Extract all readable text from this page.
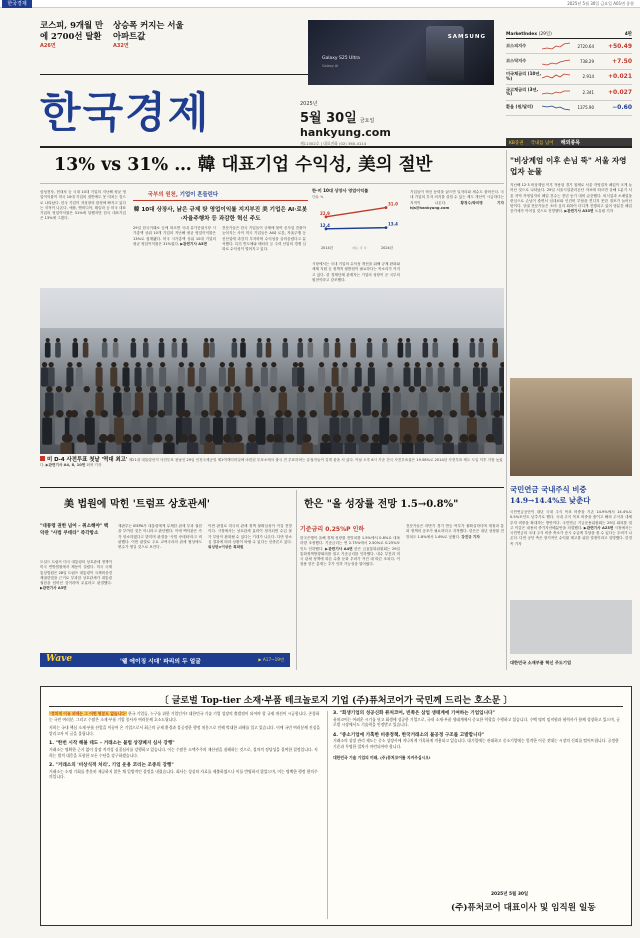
한국경제	2025년 5월 30일 금요일 A01면 종합
코스피, 9개월 만에 2700선 탈환
A26면
상승폭 커지는 서울 아파트값
A32면
한국경제
SAMSUNG
Galaxy S25 Ultra
Galaxy AI
2025년
5월 30일 금요일
hankyung.com
제11302호 | 대표전화 (02) 360-4114
MarketIndex (29일)	4판
코스피지수	2720.64	+50.49
코스닥지수	738.29	+7.50
미국채금리 (10년, %)	2.914	+0.021
국고채금리 (3년, %)	2.341	+0.027
환율 (원/달러)	1375.90	−0.60
KB증권 국내를 넘어 해외종목
13% vs 31% … 韓 대표기업 수익성, 美의 절반
국부의 원천, 기업이 흔들린다
韓 10대 상장사, 낡은 규제 탓 영업이익률 지지부진 美 기업은 AI·로봇·자율주행차 등 과감한 혁신 주도
삼성전자, 현대차 등 국내 10대 기업의 지난해 평균 영업이익률이 미국 10대 기업의 절반에도 못 미치는 것으로 나타났다. 한국 기업이 저성장의 함정에 빠지고 있다는 지적이 나온다. 애플, 엔비디아, 테슬라 등 미국 대표기업의 영업이익률은 31%에 달했지만 한국 대표기업은 13%에 그쳤다.
29일 한국거래소 등에 따르면 국내 유가증권시장 시가총액 상위 10개 기업의 지난해 평균 영업이익률은 13%로 집계됐다. 미국 시가총액 상위 10대 기업의 평균 영업이익률은 31%였다. ▶관련기사 A3면
전문가들은 한국 기업들이 규제에 묶여 신사업 진출이 늦어지는 사이 미국 기업들은 AI와 로봇, 자율주행 등 신산업에 과감히 투자하며 수익성을 끌어올렸다고 분석했다. 특히 반도체와 배터리 등 주력 산업의 경쟁 심화로 수익성이 떨어지고 있다.
시장에서는 국내 기업의 수익성 개선을 위해 규제 완화와 세제 지원 등 정책적 뒷받침이 필요하다는 목소리가 커지고 있다. 한 경제단체 관계자는 기업의 성장이 곧 국부의 원천이라고 강조했다.
기업들이 혁신 동력을 잃으면 일자리와 세수도 줄어든다. 국내 기업의 투자 의지를 살릴 수 있는 제도 개선이 시급하다는 지적이 나온다.	황정수/박의명 기자 hjs@hankyung.com
한·미 10대 상장사 영업이익률
단위: %
22.9
31.0
12.4	13.4
2014년	2024년
자료: 각 사
미 D-4 사전투표 첫날 '역대 최고' 제21대 대통령선거 사전투표 첫날인 29일 인천국제공항 제1여객터미널에 마련된 투표소에서 출국 전 투표하려는 유권자들이 길게 줄을 서 있다. 이날 오후 6시 기준 전국 사전투표율은 19.58%로 2014년 사전투표 제도 도입 이후 가장 높았다. ▶관련기사 A4, 8, 10면 최혁 기자
"비상계엄 이후 손님 뚝" 서울 자영업자 눈물
지난해 12·3 비상계엄 이후 적용된 경기 침체로 서울 자영업자 폐업이 크게 늘어난 것으로 나타났다. 29일 서울시설관리공단 자료에 따르면 올해 1분기 서울 지역 자영업자의 폐업 건수는 전년 동기 대비 급증했다. 외식업과 소매업을 중심으로 손님이 줄면서 임대료와 인건비 부담을 견디지 못한 점포가 늘어난 탓이다. 상권 전문가들은 소비 심리 회복이 더디게 진행되고 있어 당분간 폐업 증가세가 이어질 것으로 전망했다. ▶관련기사 A33면 오유림 기자
국민연금 국내주식 비중 14.9→14.4%로 낮춘다
국민연금공단이 내년 국내 주식 목표 비중을 기존 14.9%에서 14.4%로 0.5%포인트 낮추기로 했다. 국내 주식 목표 비중을 줄이고 해외 주식과 대체투자 비중을 확대하는 방안이다. 국민연금 기금운용위원회는 29일 회의를 열고 이같은 내용의 중기자산배분안을 의결했다. ▶관련기사 A23면 시장에서는 국민연금의 국내 주식 비중 축소가 증시 수급에 부담을 줄 수 있다는 우려가 나온다. 다만 공단 측은 장기적인 수익률 제고를 위한 결정이라고 설명했다. 한경목 기자
대한민국 소재부품 혁신 주도기업
美 법원에 막힌 '트럼프 상호관세'	한은 "올 성장률 전망 1.5→0.8%"
"대통령 권한 넘어 – 취소해야" 백악관 "사법 쿠데타" 즉각항소
도널드 트럼프 미국 대통령의 상호관세 정책이 미국 연방법원에서 제동이 걸렸다. 미국 국제통상법원은 28일 트럼프 대통령이 국제비상경제권한법을 근거로 부과한 상호관세가 대통령 권한을 넘어선 것이라며 무효라고 판결했다. ▶관련기사 A3면
재판부는 IEEPA가 대통령에게 무제한 관세 부과 권한을 부여한 것은 아니라고 판단했다. 이에 백악관은 즉각 항소하겠다고 밝히며 판결을 '사법 쿠데타'라고 비판했다. 이번 판결로 주요 교역국과의 관세 협상에도 변수가 생길 것으로 보인다.
이번 판결로 미국의 관세 정책 불확실성이 커질 전망이다. 시장에서는 상호관세 효력이 정지되면 수입 물가 부담이 완화될 수 있다는 기대가 나온다. 다만 항소심 결과에 따라 상황이 바뀔 수 있다는 신중론도 있다. 워싱턴=이상은 특파원
기준금리 0.25%P 인하
한국은행이 올해 경제 성장률 전망치를 1.5%에서 0.8%로 대폭 하향 조정했다. 기준금리는 연 2.75%에서 2.50%로 0.25%포인트 인하했다. ▶관련기사 A4면 한은 금융통화위원회는 29일 통화정책방향회의를 열고 기준금리를 인하했다. 내수 부진과 미국 관세 정책에 따른 수출 둔화 우려가 커진 데 따른 조치다. 이창용 한은 총재는 추가 인하 가능성을 열어뒀다.
전문가들은 하반기 경기 반등 여부가 불확실하다며 재정과 통화 정책의 공조가 필요하다고 지적했다. 한은은 내년 성장률 전망치도 1.8%에서 1.6%로 낮췄다. 강진규 기자
Wave	'웰 에이징 시대' 파리의 두 얼굴	▶ A17~19면
〔 글로벌 Top-tier 소재·부품 테크놀로지 기업 (주)퓨처코어가 국민께 드리는 호소문 〕
"정치적 이유 외에는 그 어떤 명분도 없습니다" 한국 기업들, 누구를 위한 기업인가? 대한민국 기술 기업 성장의 출발점이 되어야 할 규제 개선이 시급합니다. 존경하는 국민 여러분, 그리고 수많은 소재·부품 기업 종사자 여러분께 호소드립니다.
저희는 국내 핵심 소재·부품 산업을 이끌어 온 기업으로서 최근의 규제 환경과 불공정한 행정 처분으로 인해 막대한 피해를 입고 있습니다. 이에 국민 여러분께 진실을 알리고자 이 글을 올립니다.
1. "한번 시작 해볼 테도 – 거래소는 불법 상장폐지 심사 강행"
거래소는 명확한 근거 없이 상장 적격성 실질심사를 강행하고 있습니다. 이는 수많은 소액주주의 재산권을 침해하는 것으로, 절차적 정당성을 결여한 결정입니다. 저희는 법적 대응을 포함한 모든 수단을 강구하겠습니다.
2. "거래소의 '비상식적 처리', 기업 운용 코리는 조중의 강행"
거래소는 소명 기회를 충분히 제공하지 않은 채 일방적인 결정을 내렸습니다. 회사는 성실히 자료를 제출하였으나 이를 반영하지 않았으며, 이는 명백한 행정 편의주의입니다.
3. "회생기업의 성공신화 퓨처코어, 빈쪽은 삼업 생태계에 기여하는 기업입니다"
퓨처코어는 어려운 시기를 딛고 회생에 성공한 기업으로, 국내 소재·부품 생태계에서 중요한 역할을 수행하고 있습니다. 수백 명의 임직원과 협력사가 함께 성장하고 있으며, 글로벌 시장에서도 기술력을 인정받고 있습니다.
4. "중소기업에 가혹한 비중정책, 한국거래소의 불공정 구조를 고발합니다"
거래소의 상장 관리 제도는 중소 상장사에 지나치게 가혹하게 적용되고 있습니다. 대기업에는 관대하고 중소기업에는 엄격한 이중 잣대는 시장의 신뢰를 떨어뜨립니다. 공정한 기준과 투명한 절차가 마련되어야 합니다.
대한민국 기술 기업의 미래, (주)퓨처코어를 지켜주십시오!
2025년 5월 30일
(주)퓨처코어 대표이사 및 임직원 일동
